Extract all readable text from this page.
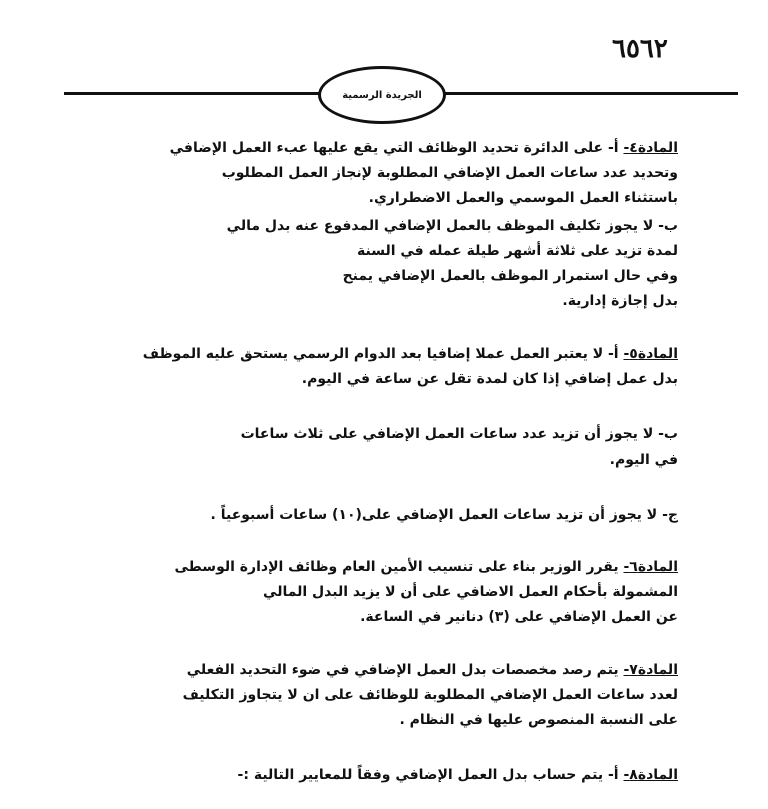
٦٥٦٢
الجريدة الرسمية
المادة٤- أ- على الدائرة تحديد الوظائف التي يقع عليها عبء العمل الإضافي
وتحديد عدد ساعات العمل الإضافي المطلوبة لإنجاز العمل المطلوب
باستثناء العمل الموسمي والعمل الاضطراري.
ب- لا يجوز تكليف الموظف بالعمل الإضافي المدفوع عنه بدل مالي
لمدة تزيد على ثلاثة أشهر طيلة عمله في السنة
وفي حال استمرار الموظف بالعمل الإضافي يمنح
بدل إجازة إدارية.
المادة٥- أ- لا يعتبر العمل عملا إضافيا بعد الدوام الرسمي يستحق عليه الموظف
بدل عمل إضافي إذا كان لمدة تقل عن ساعة في اليوم.
ب- لا يجوز أن تزيد عدد ساعات العمل الإضافي على ثلاث ساعات
في اليوم.
ج- لا يجوز أن تزيد ساعات العمل الإضافي على(١٠) ساعات أسبوعياً .
المادة٦- يقرر الوزير بناء على تنسيب الأمين العام وظائف الإدارة الوسطى
المشمولة بأحكام العمل الاضافي على أن لا يزيد البدل المالي
عن العمل الإضافي على (٣) دنانير في الساعة.
المادة٧- يتم رصد مخصصات بدل العمل الإضافي في ضوء التحديد الفعلي
لعدد ساعات العمل الإضافي المطلوبة للوظائف على ان لا يتجاوز التكليف
على النسبة المنصوص عليها في النظام .
المادة٨- أ- يتم حساب بدل العمل الإضافي وفقاً للمعايير التالية :-
